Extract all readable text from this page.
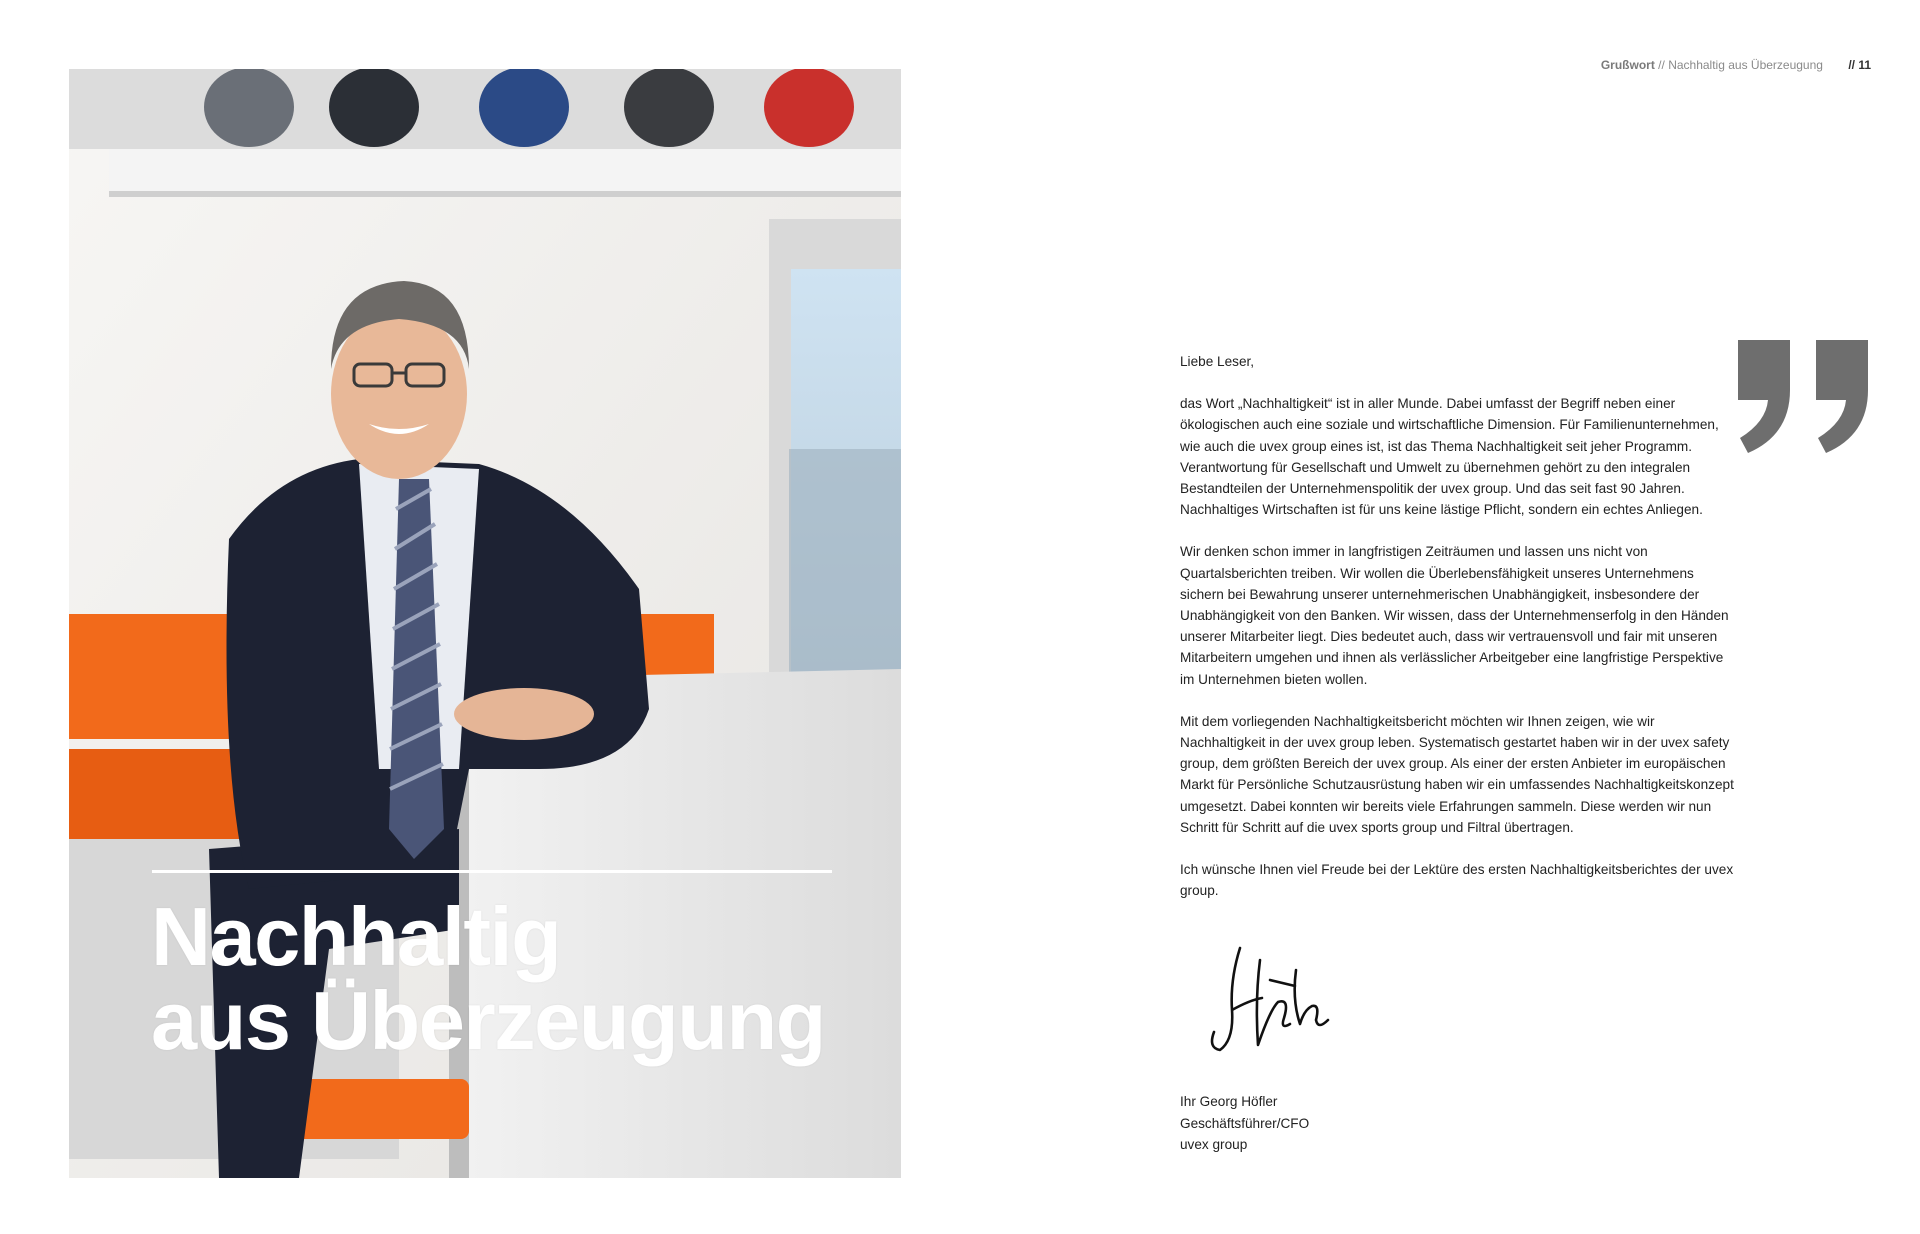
Nachhaltig
aus Überzeugung
Grußwort // Nachhaltig aus Überzeugung // 11

Liebe Leser,

das Wort „Nachhaltigkeit“ ist in aller Munde. Dabei umfasst der Begriff neben einer ökologischen auch eine soziale und wirtschaftliche Dimension. Für Familienunternehmen, wie auch die uvex group eines ist, ist das Thema Nachhaltigkeit seit jeher Programm. Verantwortung für Gesellschaft und Umwelt zu übernehmen gehört zu den integralen Bestandteilen der Unternehmenspolitik der uvex group. Und das seit fast 90 Jahren. Nachhaltiges Wirtschaften ist für uns keine lästige Pflicht, sondern ein echtes Anliegen.

Wir denken schon immer in langfristigen Zeiträumen und lassen uns nicht von Quartalsberichten treiben. Wir wollen die Überlebensfähigkeit unseres Unternehmens sichern bei Bewahrung unserer unternehmerischen Unabhängigkeit, insbesondere der Unabhängigkeit von den Banken. Wir wissen, dass der Unternehmenserfolg in den Händen unserer Mitarbeiter liegt. Dies bedeutet auch, dass wir vertrauensvoll und fair mit unseren Mitarbeitern umgehen und ihnen als verlässlicher Arbeitgeber eine langfristige Perspektive im Unternehmen bieten wollen.

Mit dem vorliegenden Nachhaltigkeitsbericht möchten wir Ihnen zeigen, wie wir Nachhaltigkeit in der uvex group leben. Systematisch gestartet haben wir in der uvex safety group, dem größten Bereich der uvex group. Als einer der ersten Anbieter im europäischen Markt für Persönliche Schutzausrüstung haben wir ein umfassendes Nachhaltigkeitskonzept umgesetzt. Dabei konnten wir bereits viele Erfahrungen sammeln. Diese werden wir nun Schritt für Schritt auf die uvex sports group und Filtral übertragen.

Ich wünsche Ihnen viel Freude bei der Lektüre des ersten Nachhaltigkeitsberichtes der uvex group.

Ihr Georg Höfler
Geschäftsführer/CFO
uvex group
